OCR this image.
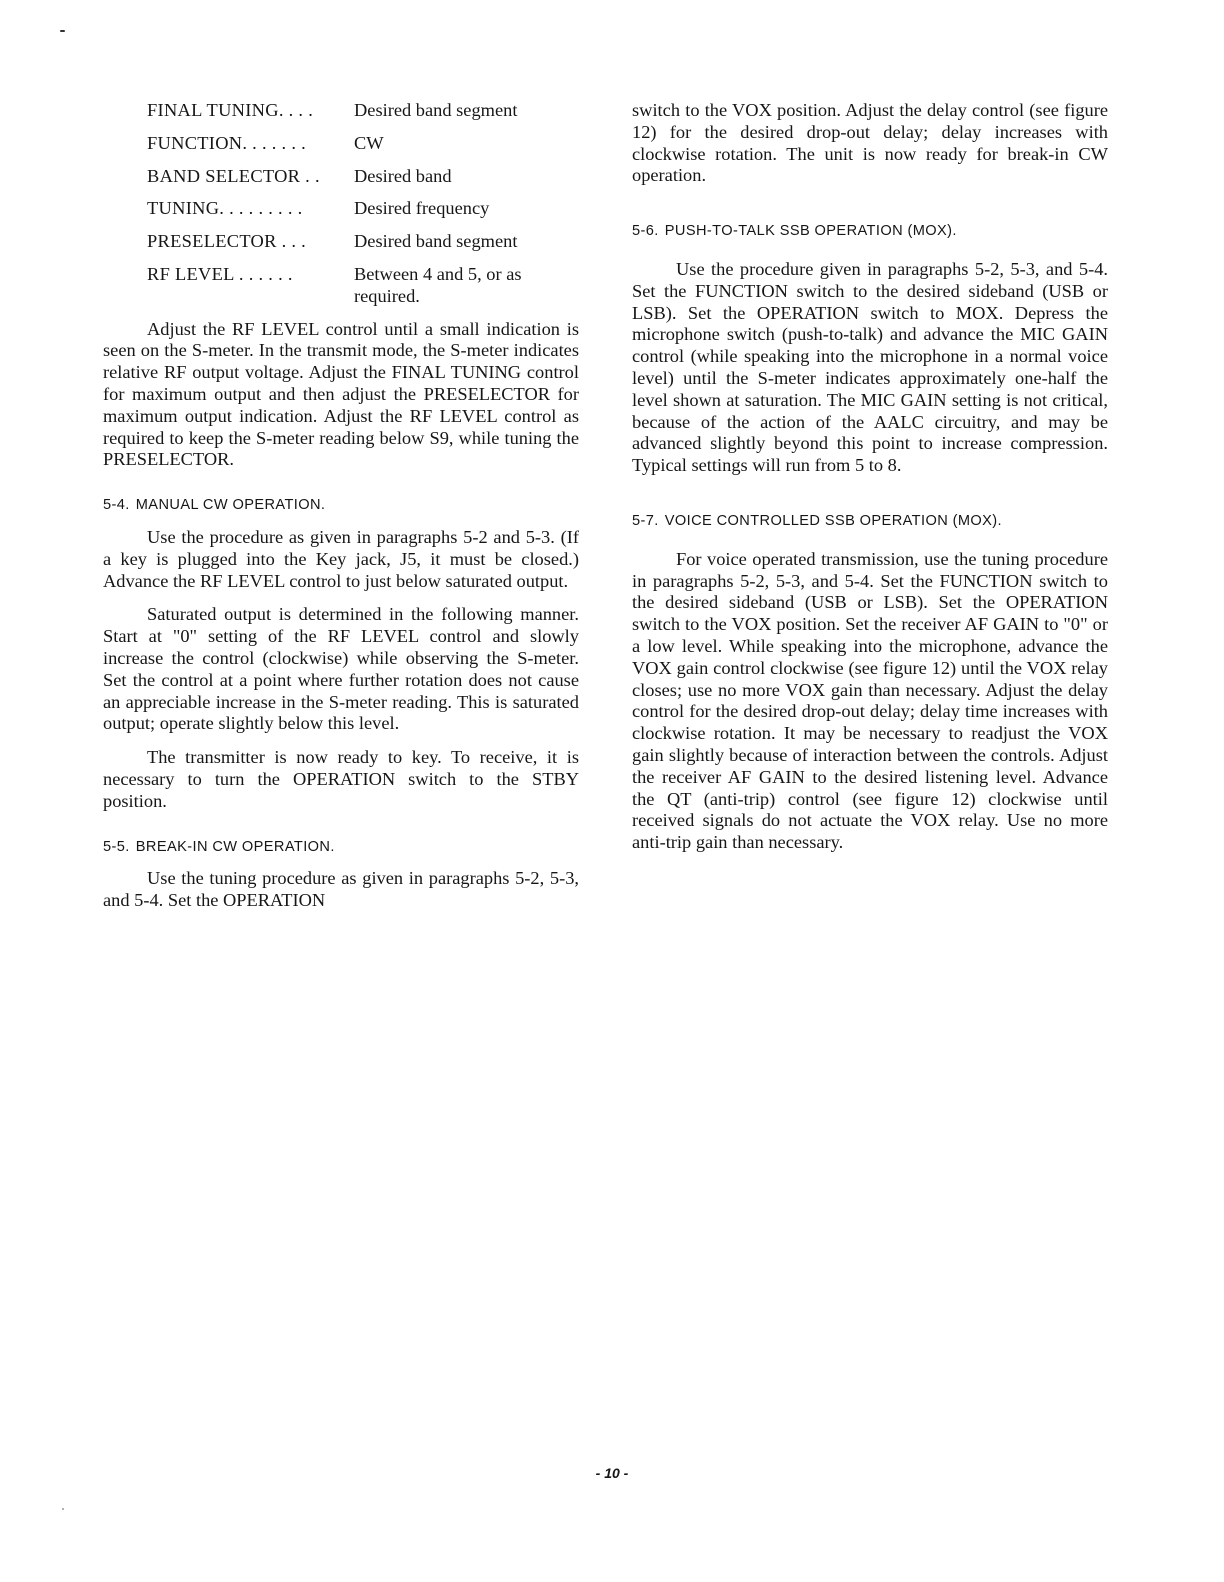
FINAL TUNING. . . .	Desired band segment
FUNCTION. . . . . . .	CW
BAND SELECTOR . .	Desired band
TUNING. . . . . . . . .	Desired frequency
PRESELECTOR . . .	Desired band segment
RF LEVEL . . . . . .	Between 4 and 5, or as required.

Adjust the RF LEVEL control until a small indication is seen on the S-meter. In the transmit mode, the S-meter indicates relative RF output voltage. Adjust the FINAL TUNING control for maximum output and then adjust the PRESELECTOR for maximum output indication. Adjust the RF LEVEL control as required to keep the S-meter reading below S9, while tuning the PRESELECTOR.

5-4. MANUAL CW OPERATION.

Use the procedure as given in paragraphs 5-2 and 5-3. (If a key is plugged into the Key jack, J5, it must be closed.) Advance the RF LEVEL control to just below saturated output.

Saturated output is determined in the following manner. Start at "0" setting of the RF LEVEL control and slowly increase the control (clockwise) while observing the S-meter. Set the control at a point where further rotation does not cause an appreciable increase in the S-meter reading. This is saturated output; operate slightly below this level.

The transmitter is now ready to key. To receive, it is necessary to turn the OPERATION switch to the STBY position.

5-5. BREAK-IN CW OPERATION.

Use the tuning procedure as given in paragraphs 5-2, 5-3, and 5-4. Set the OPERATION

switch to the VOX position. Adjust the delay control (see figure 12) for the desired drop-out delay; delay increases with clockwise rotation. The unit is now ready for break-in CW operation.

5-6. PUSH-TO-TALK SSB OPERATION (MOX).

Use the procedure given in paragraphs 5-2, 5-3, and 5-4. Set the FUNCTION switch to the desired sideband (USB or LSB). Set the OPERATION switch to MOX. Depress the microphone switch (push-to-talk) and advance the MIC GAIN control (while speaking into the microphone in a normal voice level) until the S-meter indicates approximately one-half the level shown at saturation. The MIC GAIN setting is not critical, because of the action of the AALC circuitry, and may be advanced slightly beyond this point to increase compression. Typical settings will run from 5 to 8.

5-7. VOICE CONTROLLED SSB OPERATION (MOX).

For voice operated transmission, use the tuning procedure in paragraphs 5-2, 5-3, and 5-4. Set the FUNCTION switch to the desired sideband (USB or LSB). Set the OPERATION switch to the VOX position. Set the receiver AF GAIN to "0" or a low level. While speaking into the microphone, advance the VOX gain control clockwise (see figure 12) until the VOX relay closes; use no more VOX gain than necessary. Adjust the delay control for the desired drop-out delay; delay time increases with clockwise rotation. It may be necessary to readjust the VOX gain slightly because of interaction between the controls. Adjust the receiver AF GAIN to the desired listening level. Advance the QT (anti-trip) control (see figure 12) clockwise until received signals do not actuate the VOX relay. Use no more anti-trip gain than necessary.

- 10 -
